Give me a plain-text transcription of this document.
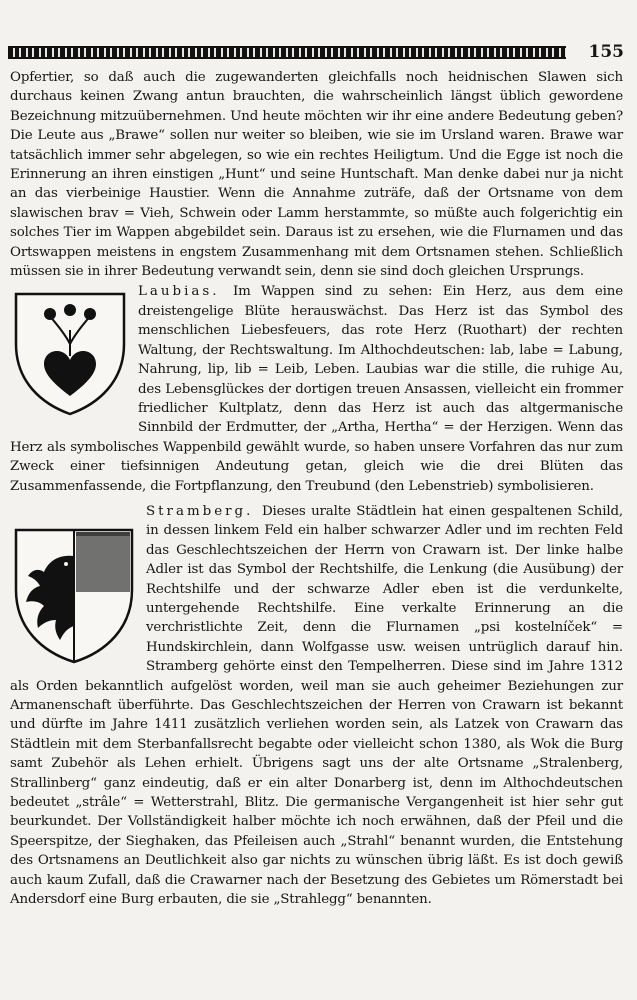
155

Opfertier, so daß auch die zugewanderten gleichfalls noch heidnischen Slawen sich durchaus keinen Zwang antun brauchten, die wahrscheinlich längst üblich gewordene Bezeichnung mitzuübernehmen. Und heute möchten wir ihr eine andere Bedeutung geben? Die Leute aus „Brawe“ sollen nur weiter so bleiben, wie sie im Ursland waren. Brawe war tatsächlich immer sehr abgelegen, so wie ein rechtes Heiligtum. Und die Egge ist noch die Erinnerung an ihren einstigen „Hunt“ und seine Huntschaft. Man denke dabei nur ja nicht an das vierbeinige Haustier. Wenn die Annahme zuträfe, daß der Ortsname von dem slawischen brav = Vieh, Schwein oder Lamm herstammte, so müßte auch folgerichtig ein solches Tier im Wappen abgebildet sein. Daraus ist zu ersehen, wie die Flurnamen und das Ortswappen meistens in engstem Zusammenhang mit dem Ortsnamen stehen. Schließlich müssen sie in ihrer Bedeutung verwandt sein, denn sie sind doch gleichen Ursprungs.

Laubias. Im Wappen sind zu sehen: Ein Herz, aus dem eine dreistengelige Blüte herauswächst. Das Herz ist das Symbol des menschlichen Liebesfeuers, das rote Herz (Ruothart) der rechten Waltung, der Rechtswaltung. Im Althochdeutschen: lab, labe = Labung, Nahrung, lip, lib = Leib, Leben. Laubias war die stille, die ruhige Au, des Lebensglückes der dortigen treuen Ansassen, vielleicht ein frommer friedlicher Kultplatz, denn das Herz ist auch das altgermanische Sinnbild der Erdmutter, der „Artha, Hertha“ = der Herzigen. Wenn das Herz als symbolisches Wappenbild gewählt wurde, so haben unsere Vorfahren das nur zum Zweck einer tiefsinnigen Andeutung getan, gleich wie die drei Blüten das Zusammenfassende, die Fortpflanzung, den Treubund (den Lebenstrieb) symbolisieren.
Stramberg. Dieses uralte Städtlein hat einen gespaltenen Schild, in dessen linkem Feld ein halber schwarzer Adler und im rechten Feld das Geschlechtszeichen der Herrn von Crawarn ist. Der linke halbe Adler ist das Symbol der Rechtshilfe, die Lenkung (die Ausübung) der Rechtshilfe und der schwarze Adler eben ist die verdunkelte, untergehende Rechtshilfe. Eine verkalte Erinnerung an die verchristlichte Zeit, denn die Flurnamen „psi kostelníček“ = Hundskirchlein, dann Wolfgasse usw. weisen untrüglich darauf hin. Stramberg gehörte einst den Tempelherren. Diese sind im Jahre 1312 als Orden bekanntlich aufgelöst worden, weil man sie auch geheimer Beziehungen zur Armanenschaft überführte. Das Geschlechtszeichen der Herren von Crawarn ist bekannt und dürfte im Jahre 1411 zusätzlich verliehen worden sein, als Latzek von Crawarn das Städtlein mit dem Sterbanfallsrecht begabte oder vielleicht schon 1380, als Wok die Burg samt Zubehör als Lehen erhielt. Übrigens sagt uns der alte Ortsname „Stralenberg, Strallinberg“ ganz eindeutig, daß er ein alter Donarberg ist, denn im Althochdeutschen bedeutet „strâle“ = Wetterstrahl, Blitz. Die germanische Vergangenheit ist hier sehr gut beurkundet. Der Vollständigkeit halber möchte ich noch erwähnen, daß der Pfeil und die Speerspitze, der Sieghaken, das Pfeileisen auch „Strahl“ benannt wurden, die Entstehung des Ortsnamens an Deutlichkeit also gar nichts zu wünschen übrig läßt. Es ist doch gewiß auch kaum Zufall, daß die Crawarner nach der Besetzung des Gebietes um Römerstadt bei Andersdorf eine Burg erbauten, die sie „Strahlegg“ benannten.
